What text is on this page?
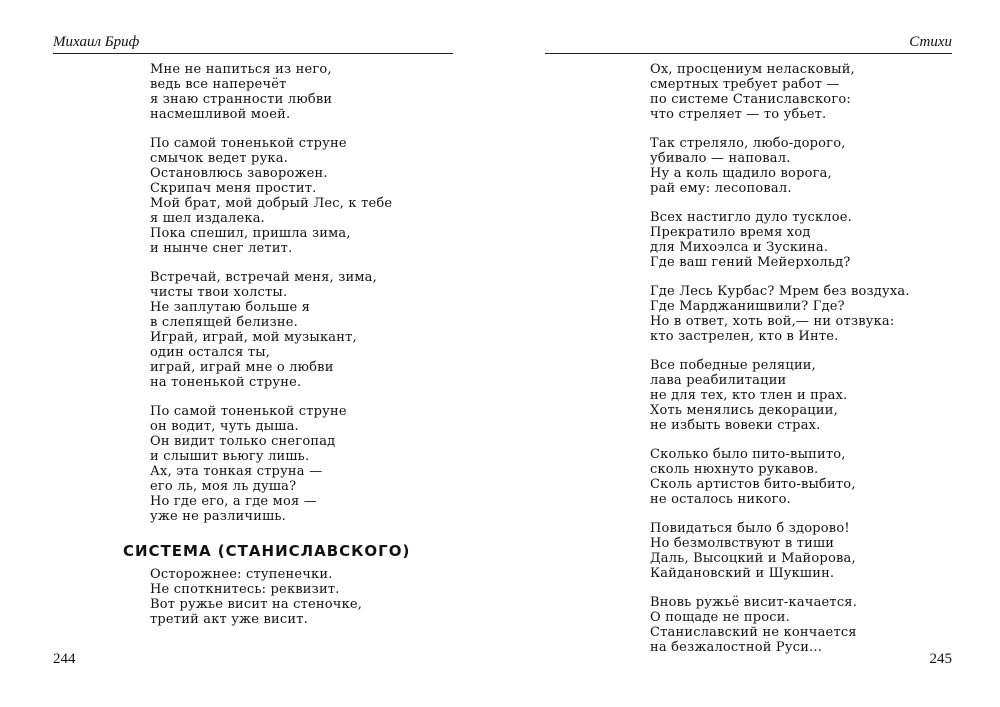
Михаил Бриф
Мне не напиться из него,
ведь все наперечёт
я знаю странности любви
насмешливой моей.
По самой тоненькой струне
смычок ведет рука.
Остановлюсь заворожен.
Скрипач меня простит.
Мой брат, мой добрый Лес, к тебе
я шел издалека.
Пока спешил, пришла зима,
и нынче снег летит.
Встречай, встречай меня, зима,
чисты твои холсты.
Не заплутаю больше я
в слепящей белизне.
Играй, играй, мой музыкант,
один остался ты,
играй, играй мне о любви
на тоненькой струне.
По самой тоненькой струне
он водит, чуть дыша.
Он видит только снегопад
и слышит вьюгу лишь.
Ах, эта тонкая струна —
его ль, моя ль душа?
Но где его, а где моя —
уже не различишь.
СИСТЕМА (СТАНИСЛАВСКОГО)
Осторожнее: ступенечки.
Не споткнитесь: реквизит.
Вот ружье висит на стеночке,
третий акт уже висит.
244
Стихи
Ох, просцениум неласковый,
смертных требует работ —
по системе Станиславского:
что стреляет — то убьет.
Так стреляло, любо-дорого,
убивало — наповал.
Ну а коль щадило ворога,
рай ему: лесоповал.
Всех настигло дуло тусклое.
Прекратило время ход
для Михоэлса и Зускина.
Где ваш гений Мейерхольд?
Где Лесь Курбас? Мрем без воздуха.
Где Марджанишвили? Где?
Но в ответ, хоть вой,— ни отзвука:
кто застрелен, кто в Инте.
Все победные реляции,
лава реабилитации
не для тех, кто тлен и прах.
Хоть менялись декорации,
не избыть вовеки страх.
Сколько было пито-выпито,
сколь нюхнуто рукавов.
Сколь артистов бито-выбито,
не осталось никого.
Повидаться было б здорово!
Но безмолвствуют в тиши
Даль, Высоцкий и Майорова,
Кайдановский и Шукшин.
Вновь ружьё висит-качается.
О пощаде не проси.
Станиславский не кончается
на безжалостной Руси...
245
